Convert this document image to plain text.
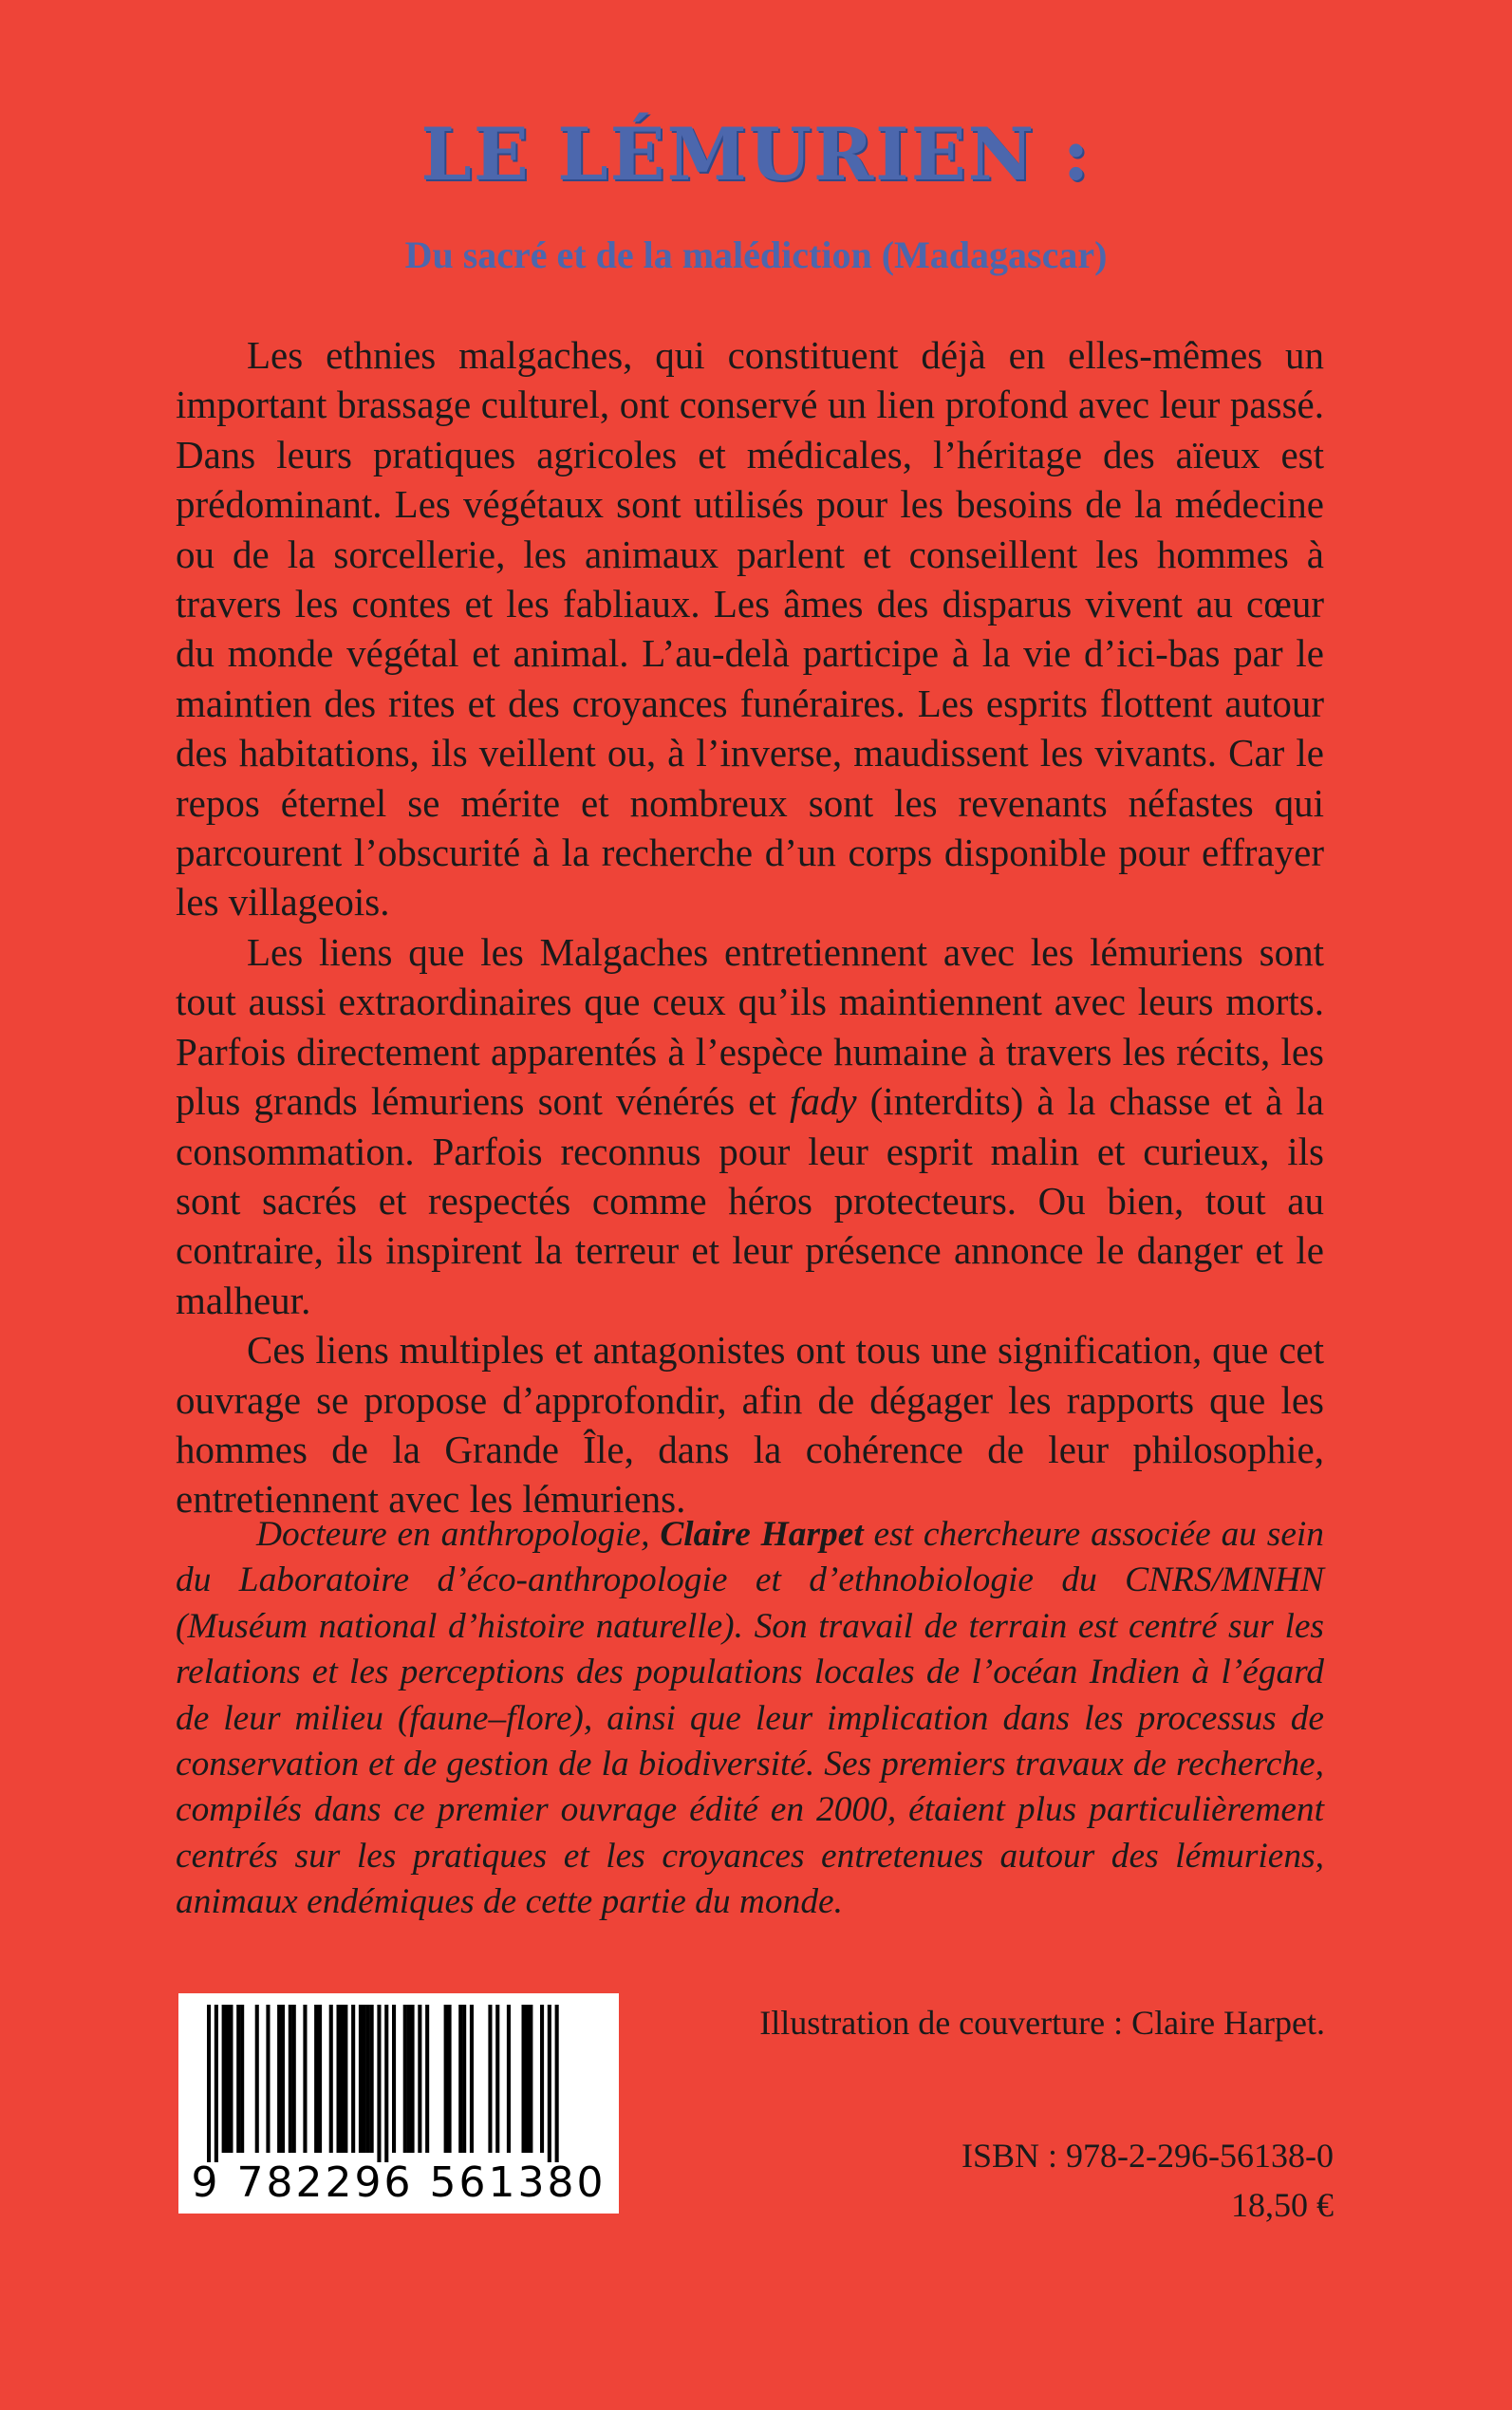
LE LÉMURIEN :
Du sacré et de la malédiction (Madagascar)

Les ethnies malgaches, qui constituent déjà en elles-mêmes un important brassage culturel, ont conservé un lien profond avec leur passé. Dans leurs pratiques agricoles et médicales, l’héritage des aïeux est prédominant. Les végétaux sont utilisés pour les besoins de la médecine ou de la sorcellerie, les animaux parlent et conseillent les hommes à travers les contes et les fabliaux. Les âmes des disparus vivent au cœur du monde végétal et animal. L’au-delà participe à la vie d’ici-bas par le maintien des rites et des croyances funéraires. Les esprits flottent autour des habitations, ils veillent ou, à l’inverse, maudissent les vivants. Car le repos éternel se mérite et nombreux sont les revenants néfastes qui parcourent l’obscurité à la recherche d’un corps disponible pour effrayer les villageois.

Les liens que les Malgaches entretiennent avec les lémuriens sont tout aussi extraordinaires que ceux qu’ils maintiennent avec leurs morts. Parfois directement apparentés à l’espèce humaine à travers les récits, les plus grands lémuriens sont vénérés et fady (interdits) à la chasse et à la consommation. Parfois reconnus pour leur esprit malin et curieux, ils sont sacrés et respectés comme héros protecteurs. Ou bien, tout au contraire, ils inspirent la terreur et leur présence annonce le danger et le malheur.

Ces liens multiples et antagonistes ont tous une signification, que cet ouvrage se propose d’approfondir, afin de dégager les rapports que les hommes de la Grande Île, dans la cohérence de leur philosophie, entretiennent avec les lémuriens.

Docteure en anthropologie, Claire Harpet est chercheure associée au sein du Laboratoire d’éco-anthropologie et d’ethnobiologie du CNRS/MNHN (Muséum national d’histoire naturelle). Son travail de terrain est centré sur les relations et les perceptions des populations locales de l’océan Indien à l’égard de leur milieu (faune–flore), ainsi que leur implication dans les processus de conservation et de gestion de la biodiversité. Ses premiers travaux de recherche, compilés dans ce premier ouvrage édité en 2000, étaient plus particulièrement centrés sur les pratiques et les croyances entretenues autour des lémuriens, animaux endémiques de cette partie du monde.
9 782296 561380
Illustration de couverture : Claire Harpet.
ISBN : 978-2-296-56138-0
18,50 €
